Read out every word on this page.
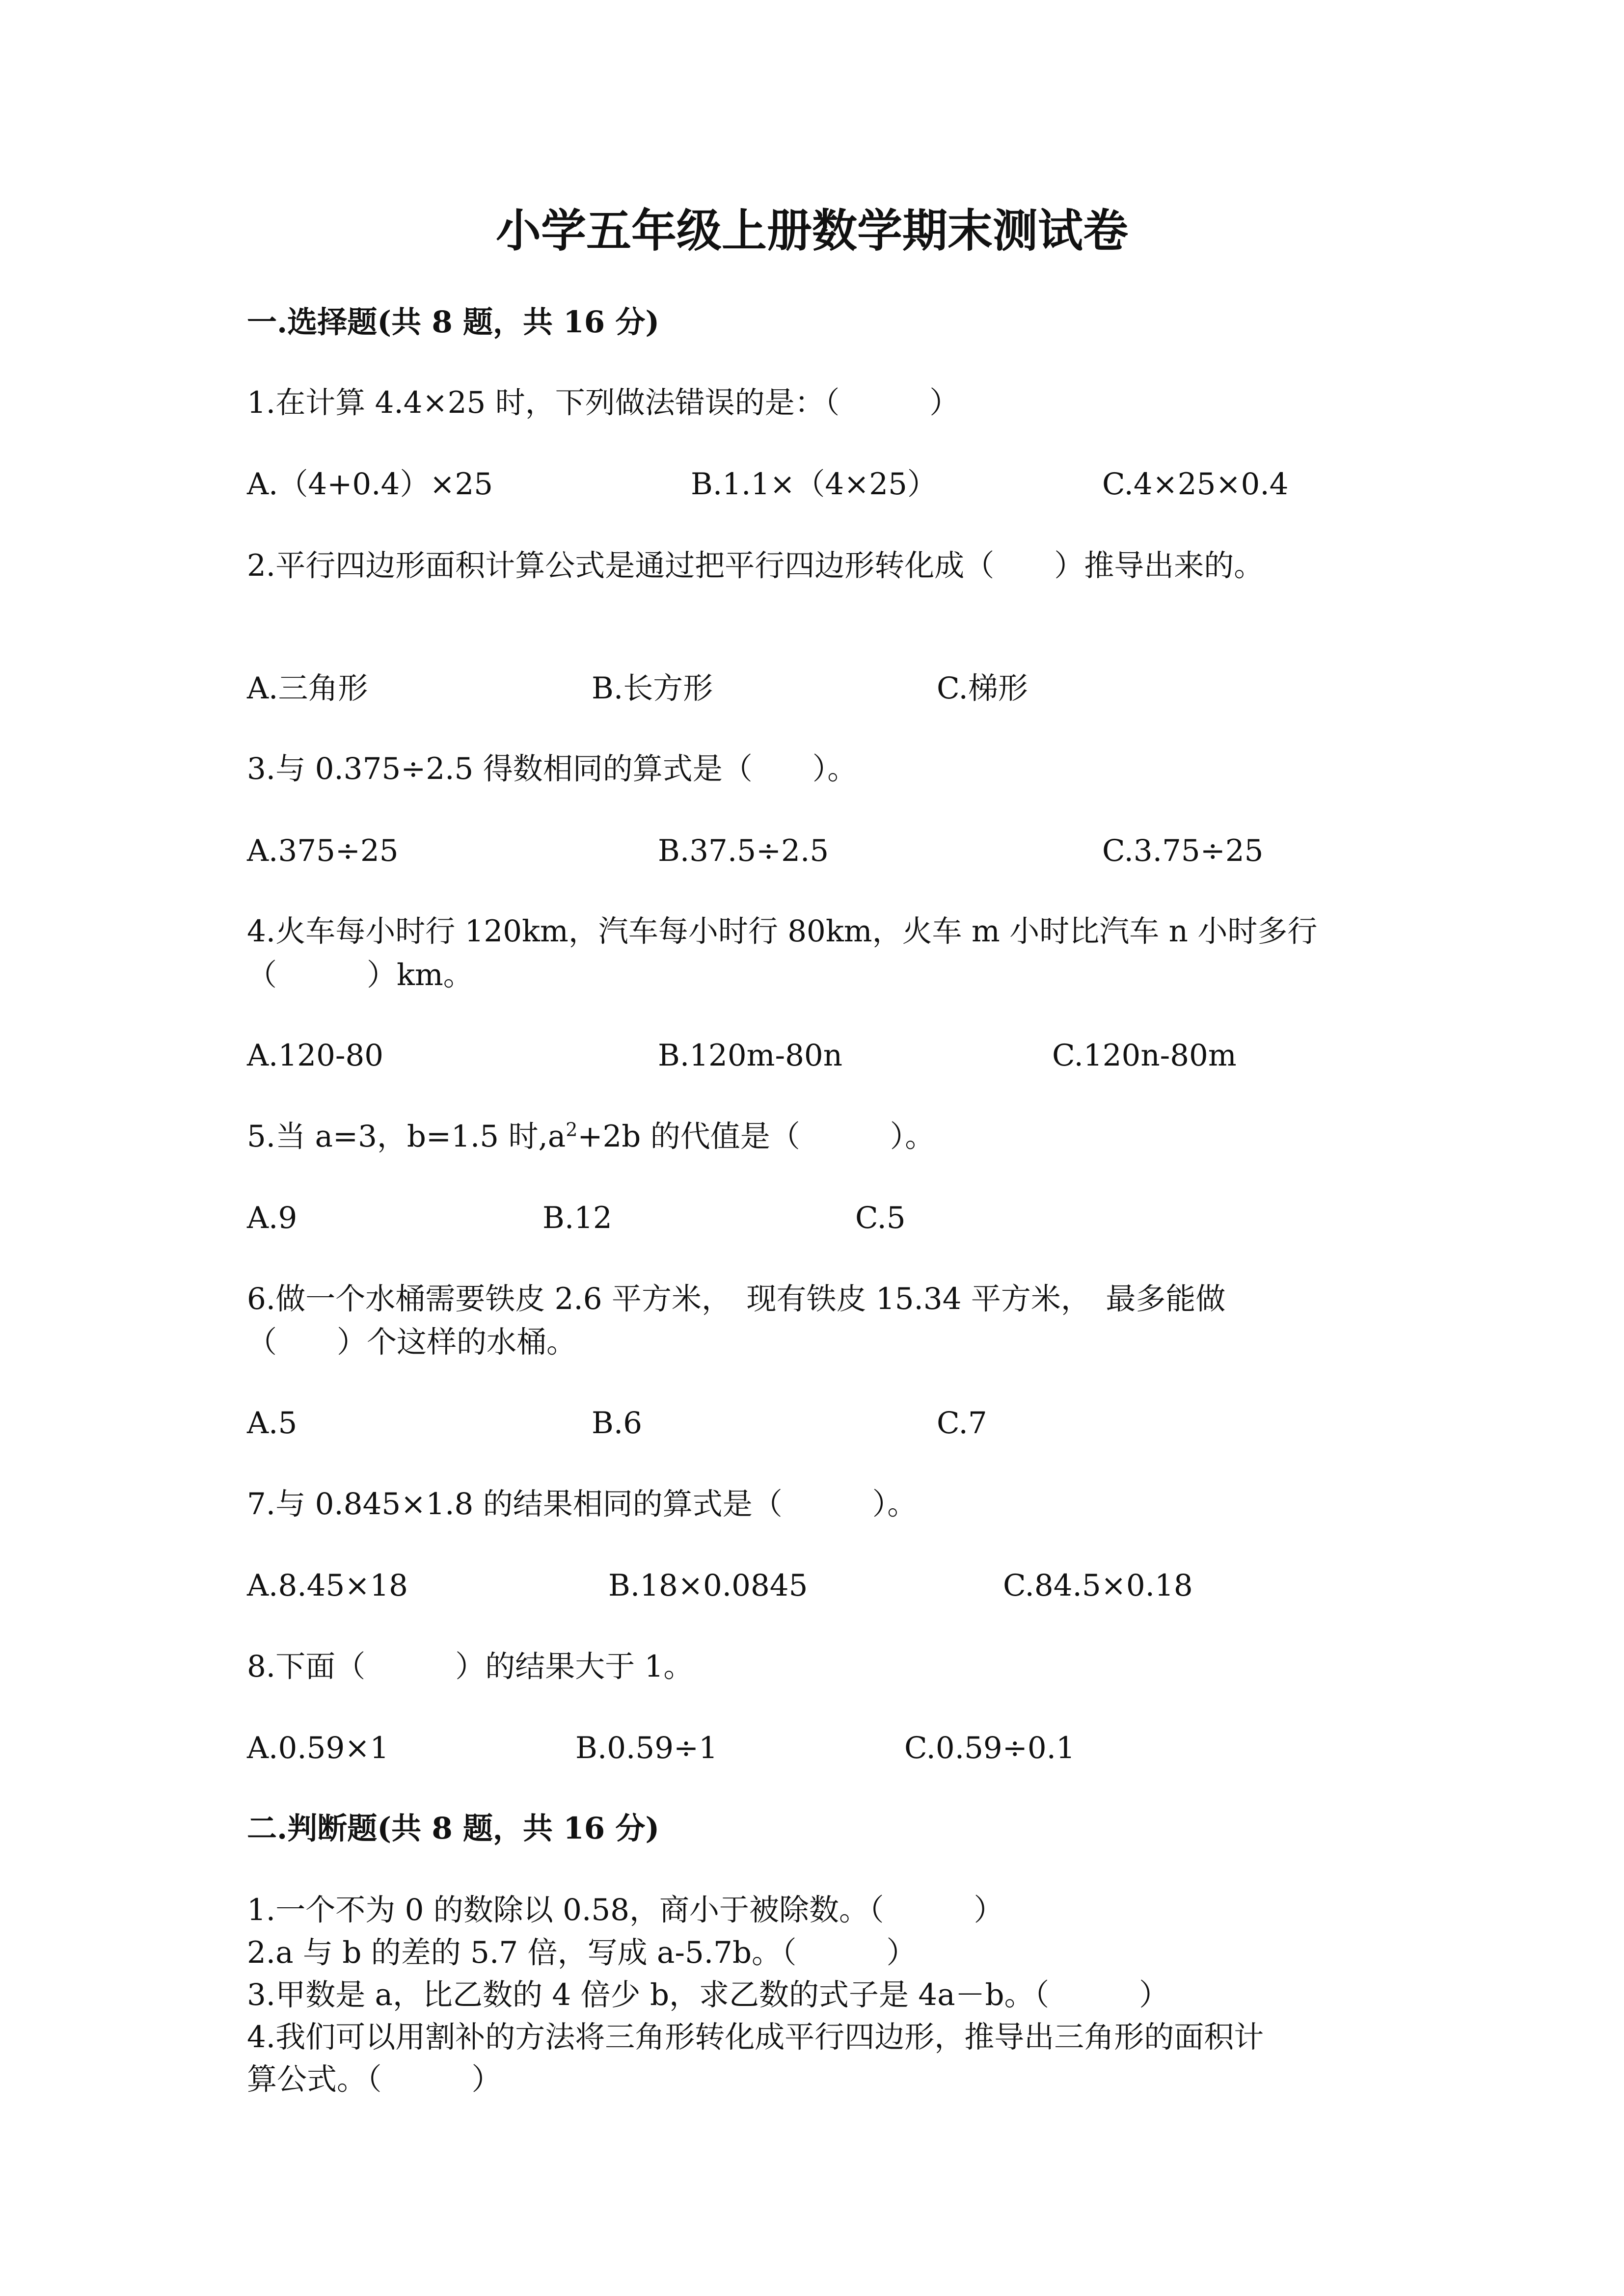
小学五年级上册数学期末测试卷
一.选择题(共 8 题，共 16 分)
1.在计算 4.4×25 时，下列做法错误的是：（　　　）
A.（4+0.4）×25	B.1.1×（4×25）	C.4×25×0.4
2.平行四边形面积计算公式是通过把平行四边形转化成（　　）推导出来的。
A.三角形	B.长方形	C.梯形
3.与 0.375÷2.5 得数相同的算式是（　　）。
A.375÷25	B.37.5÷2.5	C.3.75÷25
4.火车每小时行 120km，汽车每小时行 80km，火车 m 小时比汽车 n 小时多行
（　　　）km。
A.120-80	B.120m-80n	C.120n-80m
5.当 a=3，b=1.5 时$,a^2+2b$ 的代值是（　　　）。
A.9	B.12	C.5
6.做一个水桶需要铁皮 2.6 平方米，　现有铁皮 15.34 平方米，　最多能做
（　　）个这样的水桶。
A.5	B.6	C.7
7.与 0.845×1.8 的结果相同的算式是（　　　）。
A.8.45×18	B.18×0.0845	C.84.5×0.18
8.下面（　　　）的结果大于 1。
A.0.59×1	B.0.59÷1	C.0.59÷0.1
二.判断题(共 8 题，共 16 分)
1.一个不为 0 的数除以 0.58，商小于被除数。（　　　）
2.a 与 b 的差的 5.7 倍，写成 a-5.7b。（　　　）
3.甲数是 a，比乙数的 4 倍少 b，求乙数的式子是 4a－b。（　　　）
4.我们可以用割补的方法将三角形转化成平行四边形，推导出三角形的面积计
算公式。（　　　）
